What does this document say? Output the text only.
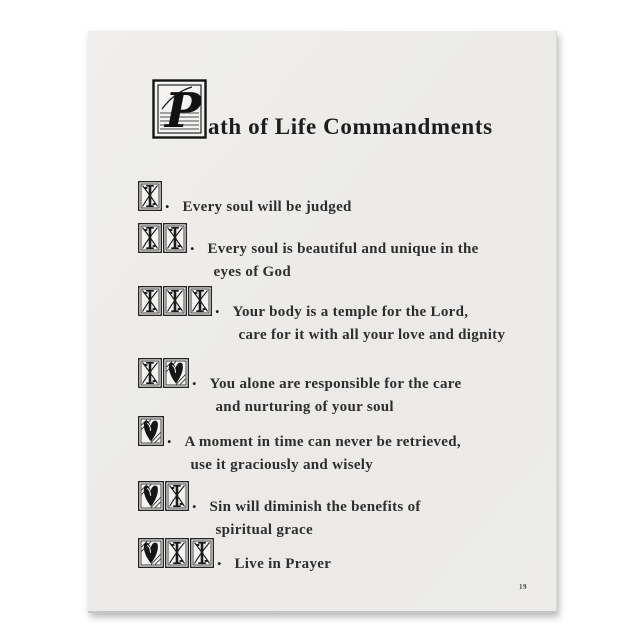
P ath of Life Commandments
. Every soul will be judged
. Every soul is beautiful and unique in the
eyes of God
. Your body is a temple for the Lord,
care for it with all your love and dignity
. You alone are responsible for the care
and nurturing of your soul
. A moment in time can never be retrieved,
use it graciously and wisely
. Sin will diminish the benefits of
spiritual grace
. Live in Prayer
19
